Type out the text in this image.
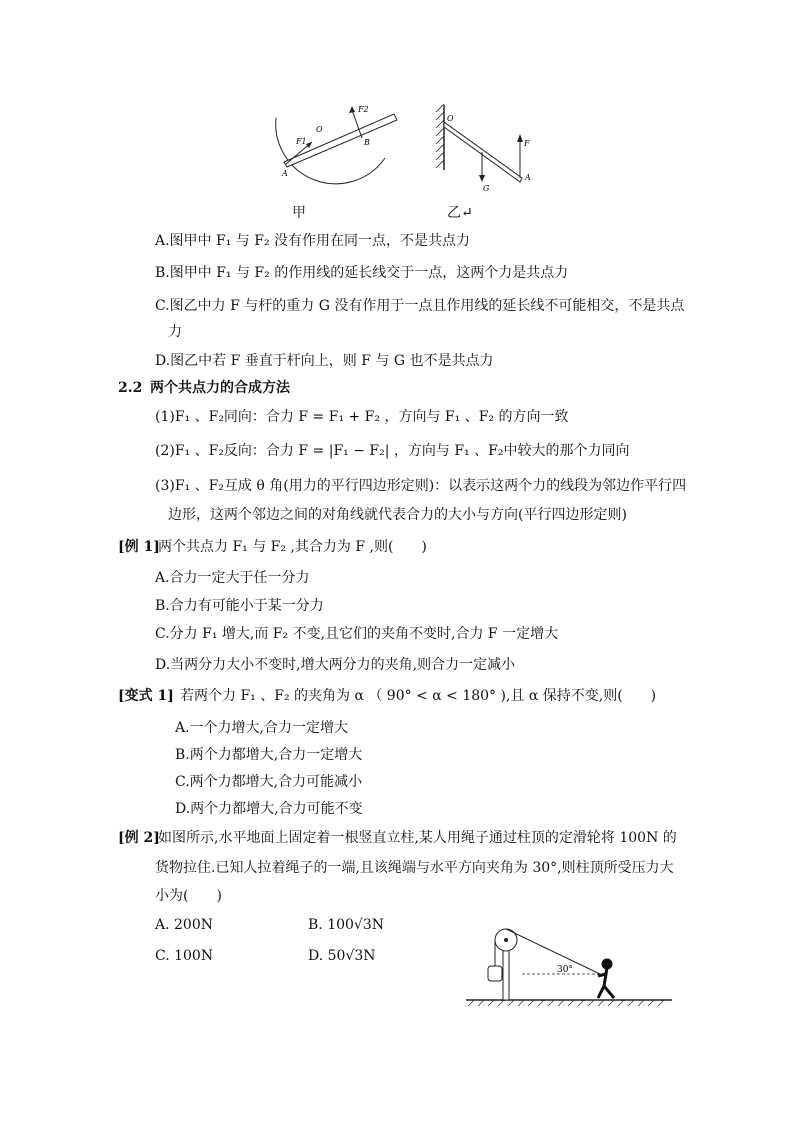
F1
O
F2
B
A
甲
O
F
G
A
乙↵
A.图甲中 F₁ 与 F₂ 没有作用在同一点，不是共点力
B.图甲中 F₁ 与 F₂ 的作用线的延长线交于一点，这两个力是共点力
C.图乙中力 F 与杆的重力 G 没有作用于一点且作用线的延长线不可能相交，不是共点
力
D.图乙中若 F 垂直于杆向上，则 F 与 G 也不是共点力
2.2 两个共点力的合成方法
(1)F₁ 、F₂同向：合力 F = F₁ + F₂ ，方向与 F₁ 、F₂ 的方向一致
(2)F₁ 、F₂反向：合力 F = |F₁ − F₂| ，方向与 F₁ 、F₂中较大的那个力同向
(3)F₁ 、F₂互成 θ 角(用力的平行四边形定则)：以表示这两个力的线段为邻边作平行四
边形，这两个邻边之间的对角线就代表合力的大小与方向(平行四边形定则)
[例 1]
两个共点力 F₁ 与 F₂ ,其合力为 F ,则(　　)
A.合力一定大于任一分力
B.合力有可能小于某一分力
C.分力 F₁ 增大,而 F₂ 不变,且它们的夹角不变时,合力 F 一定增大
D.当两分力大小不变时,增大两分力的夹角,则合力一定减小
[变式 1] 若两个力 F₁ 、F₂ 的夹角为 α （ 90° < α < 180° ),且 α 保持不变,则(　　)
A.一个力增大,合力一定增大
B.两个力都增大,合力一定增大
C.两个力都增大,合力可能减小
D.两个力都增大,合力可能不变
[例 2]
如图所示,水平地面上固定着一根竖直立柱,某人用绳子通过柱顶的定滑轮将 100N 的
货物拉住.已知人拉着绳子的一端,且该绳端与水平方向夹角为 30°,则柱顶所受压力大
小为(　　)
A. 200N	B. 100√3N
C. 100N	D. 50√3N
30°
